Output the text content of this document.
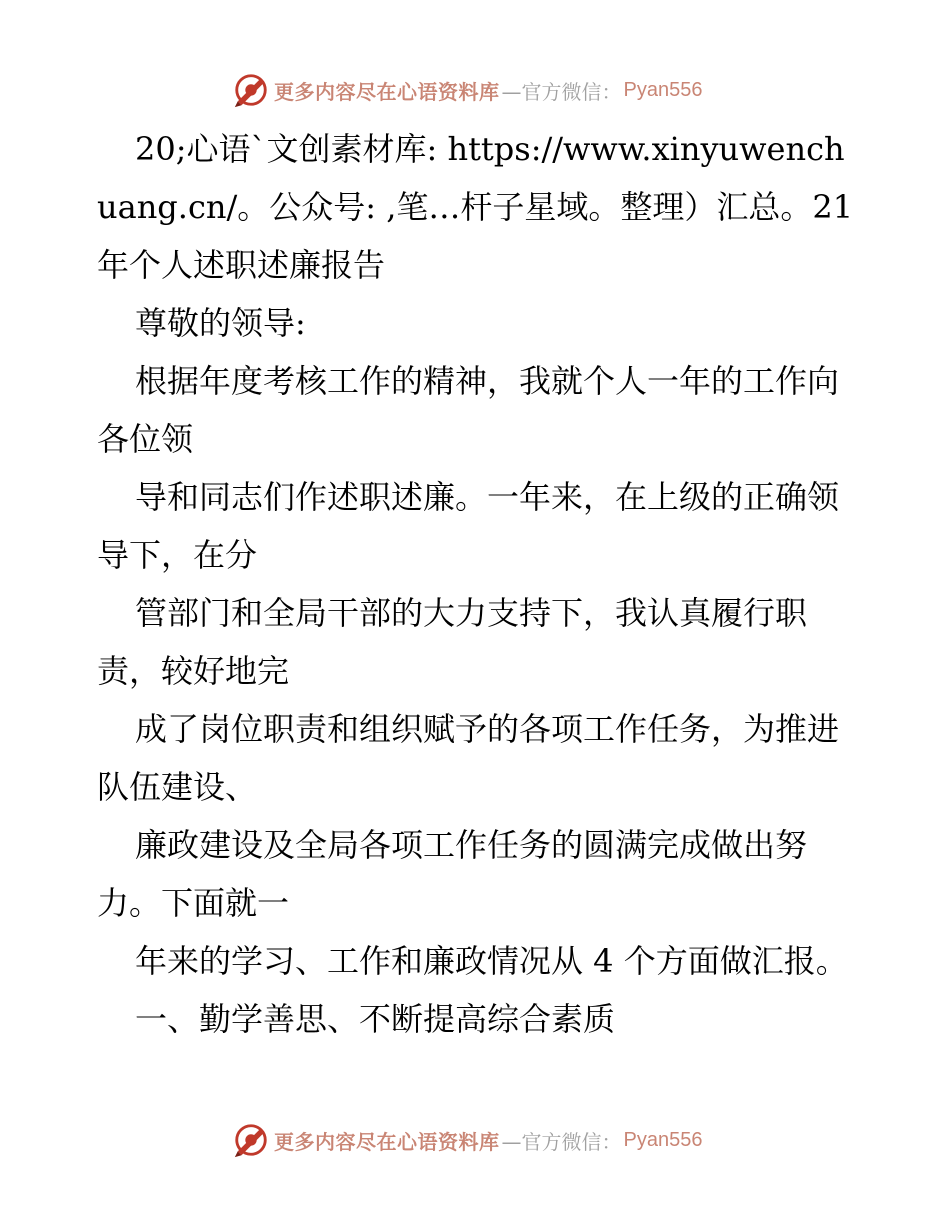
更多内容尽在心语资料库 —官方微信： Pyan556

20;心语`文创素材库: https://www.xinyuwenchuang.cn/。公众号: ,笔…杆子星域。整理）汇总。21 年个人述职述廉报告

尊敬的领导:

根据年度考核工作的精神，我就个人一年的工作向各位领

导和同志们作述职述廉。一年来，在上级的正确领导下，在分

管部门和全局干部的大力支持下，我认真履行职责，较好地完

成了岗位职责和组织赋予的各项工作任务，为推进队伍建设、

廉政建设及全局各项工作任务的圆满完成做出努力。下面就一

年来的学习、工作和廉政情况从 4 个方面做汇报。

一、勤学善思、不断提高综合素质

更多内容尽在心语资料库 —官方微信： Pyan556
